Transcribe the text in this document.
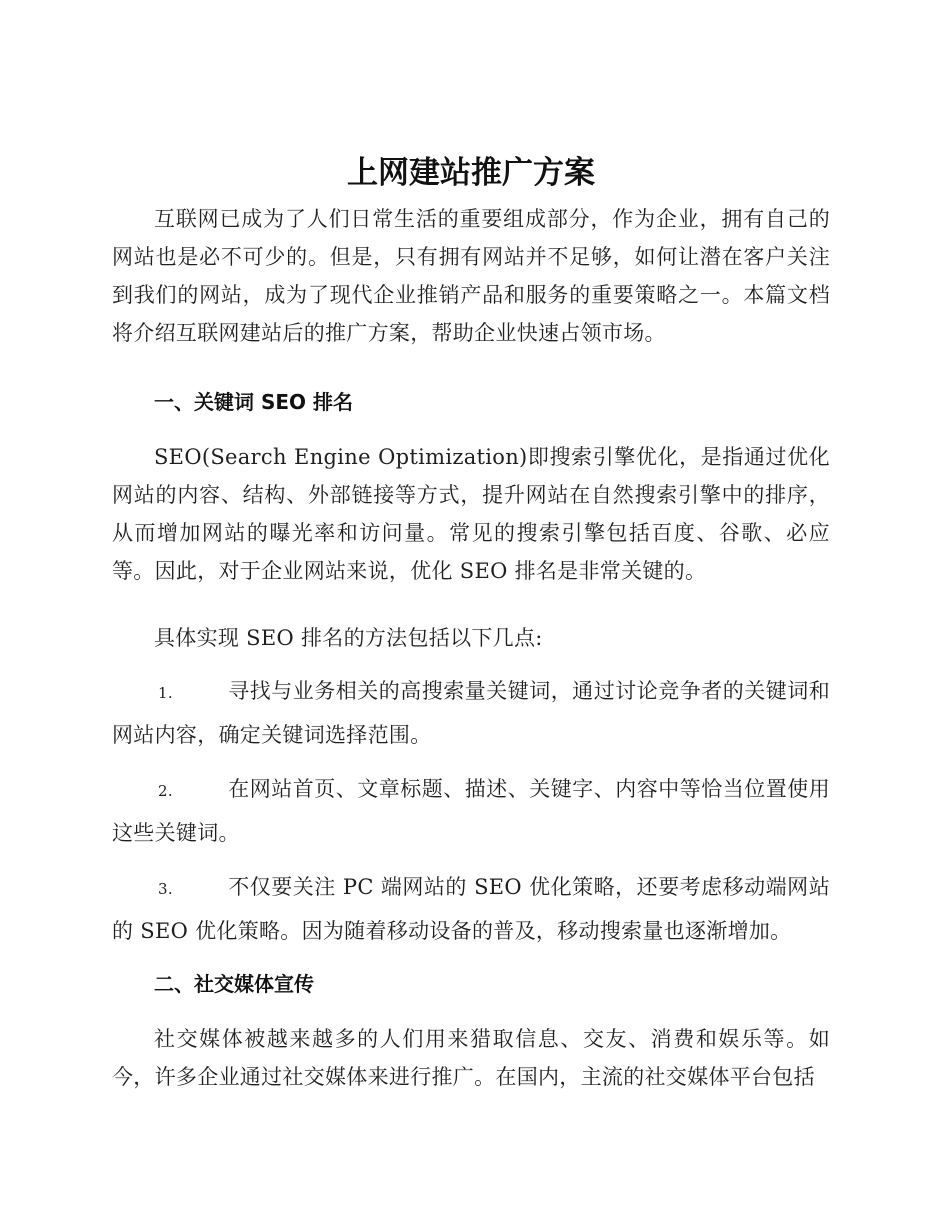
上网建站推广方案

互联网已成为了人们日常生活的重要组成部分，作为企业，拥有自己的网站也是必不可少的。但是，只有拥有网站并不足够，如何让潜在客户关注到我们的网站，成为了现代企业推销产品和服务的重要策略之一。本篇文档将介绍互联网建站后的推广方案，帮助企业快速占领市场。

一、关键词 SEO 排名

SEO(Search Engine Optimization)即搜索引擎优化，是指通过优化网站的内容、结构、外部链接等方式，提升网站在自然搜索引擎中的排序，从而增加网站的曝光率和访问量。常见的搜索引擎包括百度、谷歌、必应等。因此，对于企业网站来说，优化 SEO 排名是非常关键的。

具体实现 SEO 排名的方法包括以下几点:

1.	寻找与业务相关的高搜索量关键词，通过讨论竞争者的关键词和网站内容，确定关键词选择范围。

2.	在网站首页、文章标题、描述、关键字、内容中等恰当位置使用这些关键词。

3.	不仅要关注 PC 端网站的 SEO 优化策略，还要考虑移动端网站的 SEO 优化策略。因为随着移动设备的普及，移动搜索量也逐渐增加。

二、社交媒体宣传

社交媒体被越来越多的人们用来猎取信息、交友、消费和娱乐等。如今，许多企业通过社交媒体来进行推广。在国内，主流的社交媒体平台包括
